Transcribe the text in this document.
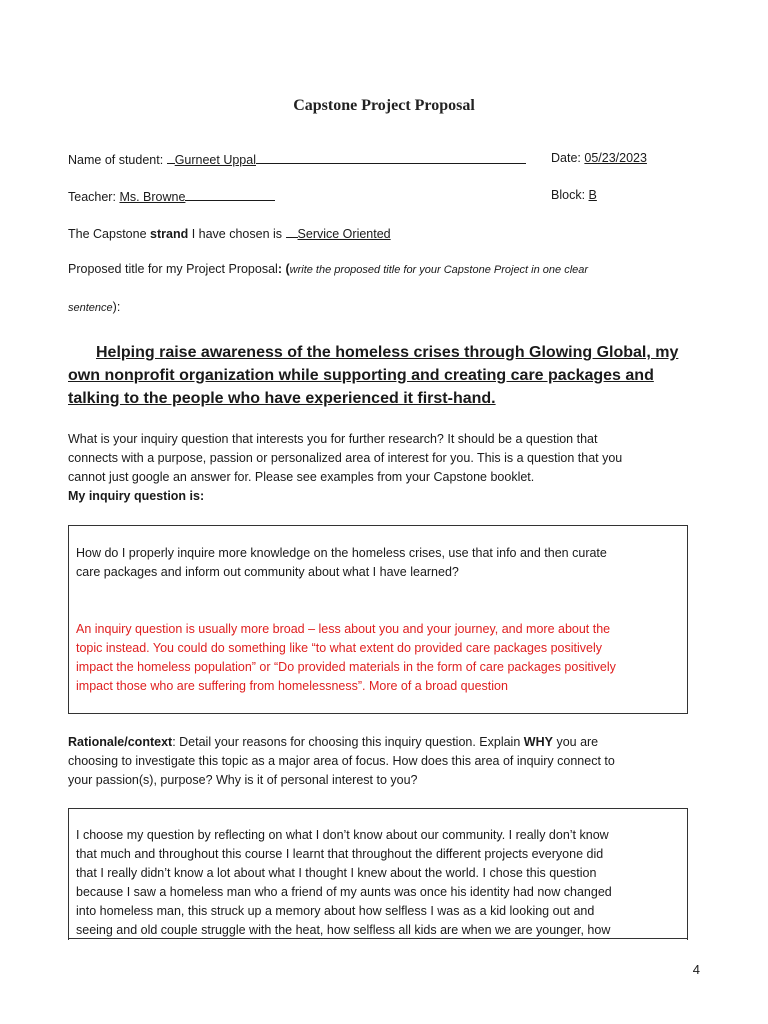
Capstone Project Proposal
Name of student: Gurneet Uppal	Date: 05/23/2023
Teacher: Ms. Browne	Block: B
The Capstone strand I have chosen is Service Oriented
Proposed title for my Project Proposal: (write the proposed title for your Capstone Project in one clear
sentence):
Helping raise awareness of the homeless crises through Glowing Global, my
own nonprofit organization while supporting and creating care packages and
talking to the people who have experienced it first-hand.
What is your inquiry question that interests you for further research? It should be a question that
connects with a purpose, passion or personalized area of interest for you. This is a question that you
cannot just google an answer for. Please see examples from your Capstone booklet.
My inquiry question is:
How do I properly inquire more knowledge on the homeless crises, use that info and then curate
care packages and inform out community about what I have learned?
An inquiry question is usually more broad – less about you and your journey, and more about the
topic instead. You could do something like “to what extent do provided care packages positively
impact the homeless population” or “Do provided materials in the form of care packages positively
impact those who are suffering from homelessness”. More of a broad question
Rationale/context: Detail your reasons for choosing this inquiry question. Explain WHY you are
choosing to investigate this topic as a major area of focus. How does this area of inquiry connect to
your passion(s), purpose? Why is it of personal interest to you?
I choose my question by reflecting on what I don’t know about our community. I really don’t know
that much and throughout this course I learnt that throughout the different projects everyone did
that I really didn’t know a lot about what I thought I knew about the world. I chose this question
because I saw a homeless man who a friend of my aunts was once his identity had now changed
into homeless man, this struck up a memory about how selfless I was as a kid looking out and
seeing and old couple struggle with the heat, how selfless all kids are when we are younger, how
4
